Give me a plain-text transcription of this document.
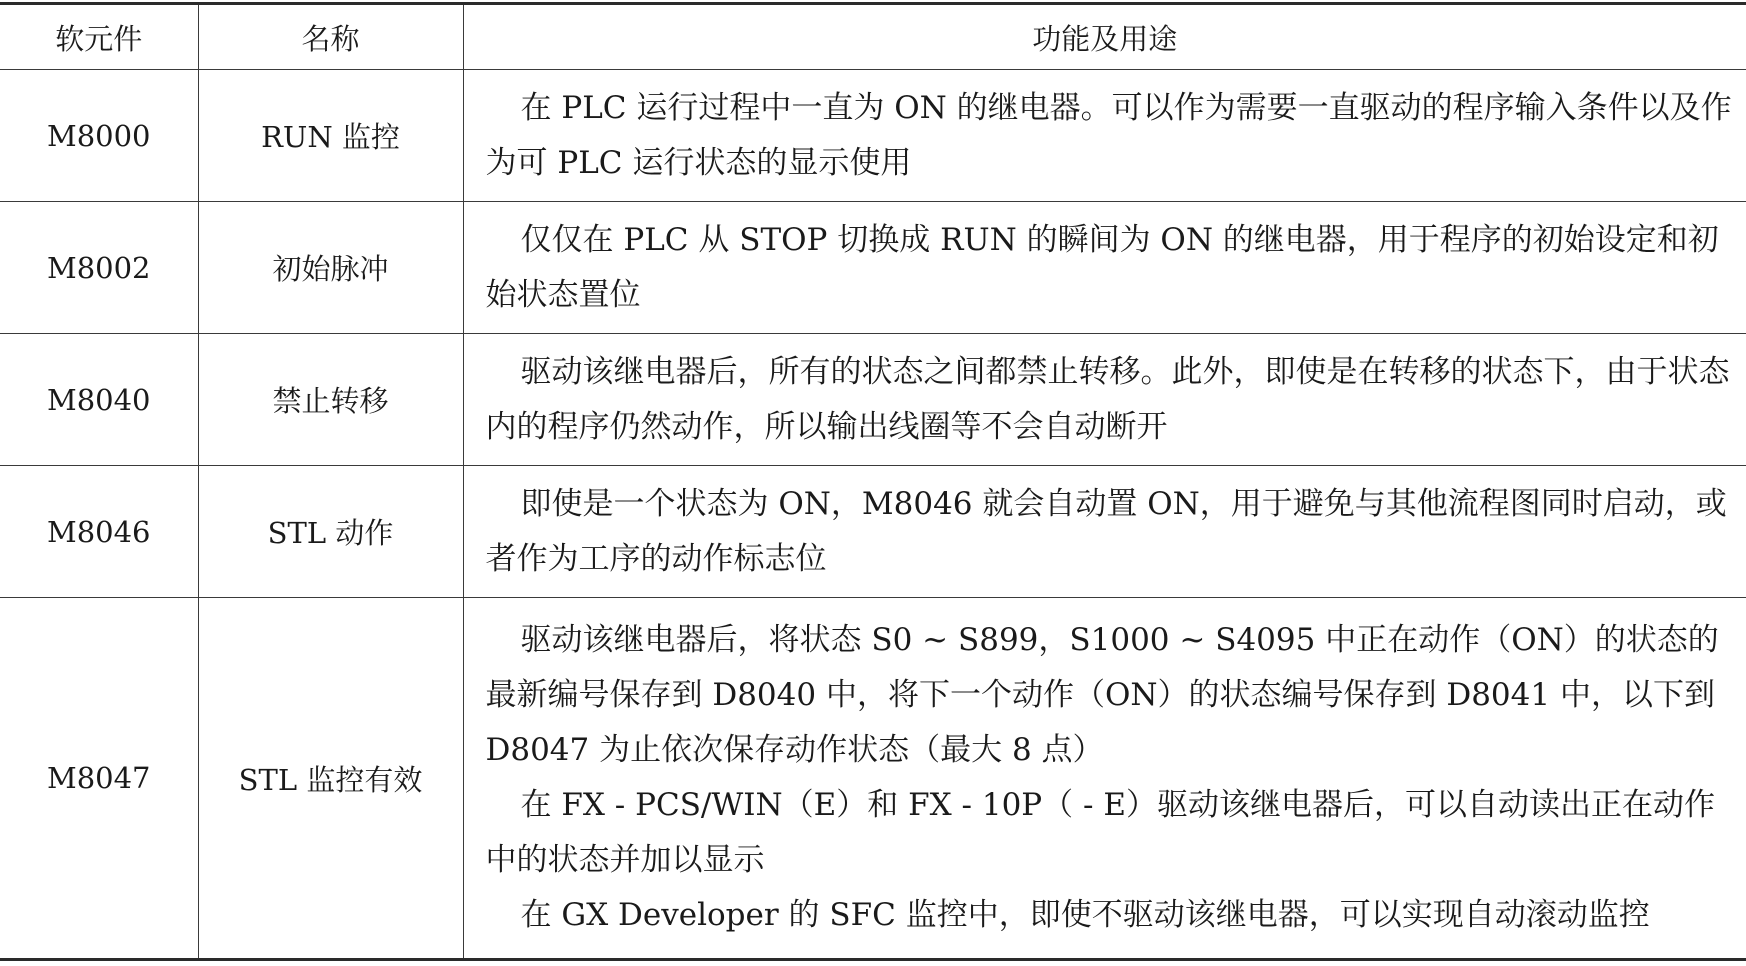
软元件	名称	功能及用途
M8000	RUN 监控	在 PLC 运行过程中一直为 ON 的继电器。可以作为需要一直驱动的程序输入条件以及作为可 PLC 运行状态的显示使用

M8002	初始脉冲	仅仅在 PLC 从 STOP 切换成 RUN 的瞬间为 ON 的继电器，用于程序的初始设定和初始状态置位

M8040	禁止转移	驱动该继电器后，所有的状态之间都禁止转移。此外，即使是在转移的状态下，由于状态内的程序仍然动作，所以输出线圈等不会自动断开

M8046	STL 动作	即使是一个状态为 ON，M8046 就会自动置 ON，用于避免与其他流程图同时启动，或者作为工序的动作标志位

M8047	STL 监控有效	驱动该继电器后，将状态 S0 ~ S899，S1000 ~ S4095 中正在动作（ON）的状态的最新编号保存到 D8040 中，将下一个动作（ON）的状态编号保存到 D8041 中，以下到 D8047 为止依次保存动作状态（最大 8 点）

在 FX - PCS/WIN（E）和 FX - 10P（ - E）驱动该继电器后，可以自动读出正在动作中的状态并加以显示

在 GX Developer 的 SFC 监控中，即使不驱动该继电器，可以实现自动滚动监控
